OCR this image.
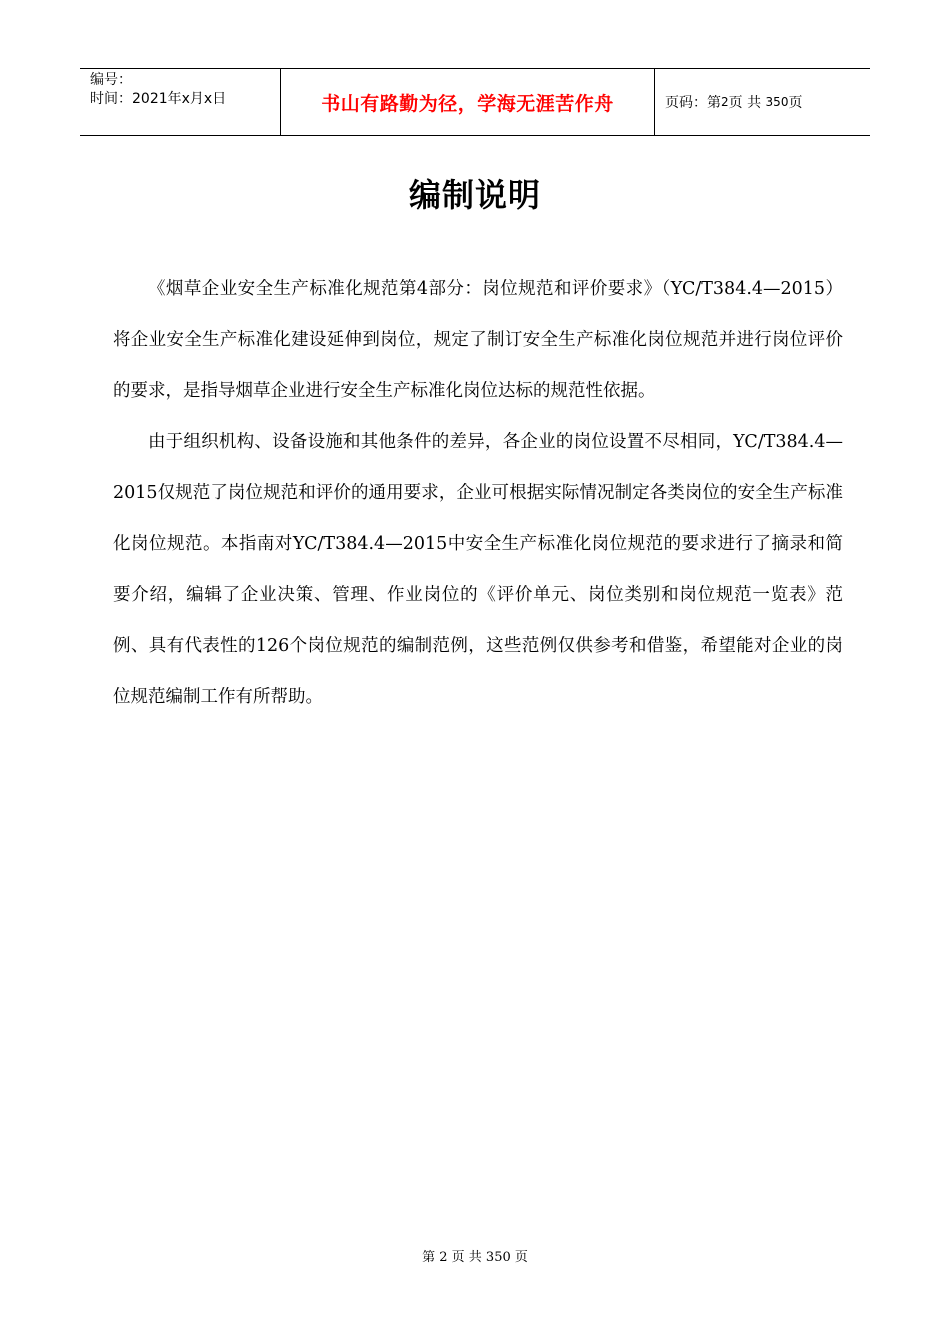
编号：
时间：2021年x月x日	书山有路勤为径，学海无涯苦作舟	页码：第 2 页 共
350 页
编制说明

《烟草企业安全生产标准化规范第4部分：岗位规范和评价要求》（YC/T384.4—2015）将企业安全生产标准化建设延伸到岗位，规定了制订安全生产标准化岗位规范并进行岗位评价的要求，是指导烟草企业进行安全生产标准化岗位达标的规范性依据。

由于组织机构、设备设施和其他条件的差异，各企业的岗位设置不尽相同，YC/T384.4—2015仅规范了岗位规范和评价的通用要求，企业可根据实际情况制定各类岗位的安全生产标准化岗位规范。本指南对YC/T384.4—2015中安全生产标准化岗位规范的要求进行了摘录和简要介绍，编辑了企业决策、管理、作业岗位的《评价单元、岗位类别和岗位规范一览表》范例、具有代表性的126个岗位规范的编制范例，这些范例仅供参考和借鉴，希望能对企业的岗位规范编制工作有所帮助。

第 2 页 共 350 页
